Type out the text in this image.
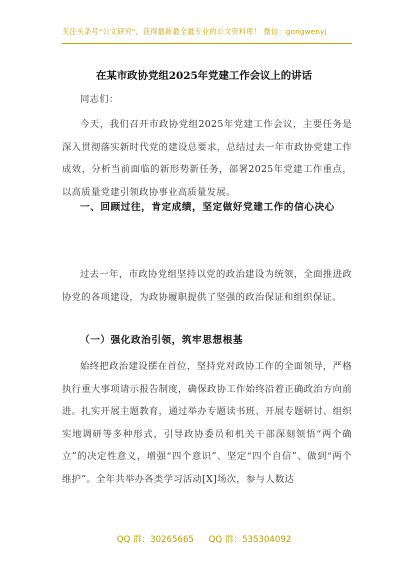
关注头条号"公文研究"，获得最新最全最专业的公文资料库！ 微信：gongwenyj
在某市政协党组2025年党建工作会议上的讲话
同志们：
今天，我们召开市政协党组2025年党建工作会议，主要任务是深入贯彻落实新时代党的建设总要求，总结过去一年市政协党建工作成效，分析当前面临的新形势新任务，部署2025年党建工作重点，以高质量党建引领政协事业高质量发展。
一、回顾过往，肯定成绩，坚定做好党建工作的信心决心
过去一年，市政协党组坚持以党的政治建设为统领，全面推进政协党的各项建设，为政协履职提供了坚强的政治保证和组织保证。
（一）强化政治引领，筑牢思想根基
始终把政治建设摆在首位，坚持党对政协工作的全面领导，严格执行重大事项请示报告制度，确保政协工作始终沿着正确政治方向前进。扎实开展主题教育，通过举办专题读书班、开展专题研讨、组织实地调研等多种形式，引导政协委员和机关干部深刻领悟“两个确立”的决定性意义，增强“四个意识”、坚定“四个自信”、做到“两个维护”。全年共举办各类学习活动[X]场次，参与人数达
QQ 群：30265665 QQ 群：535304092
